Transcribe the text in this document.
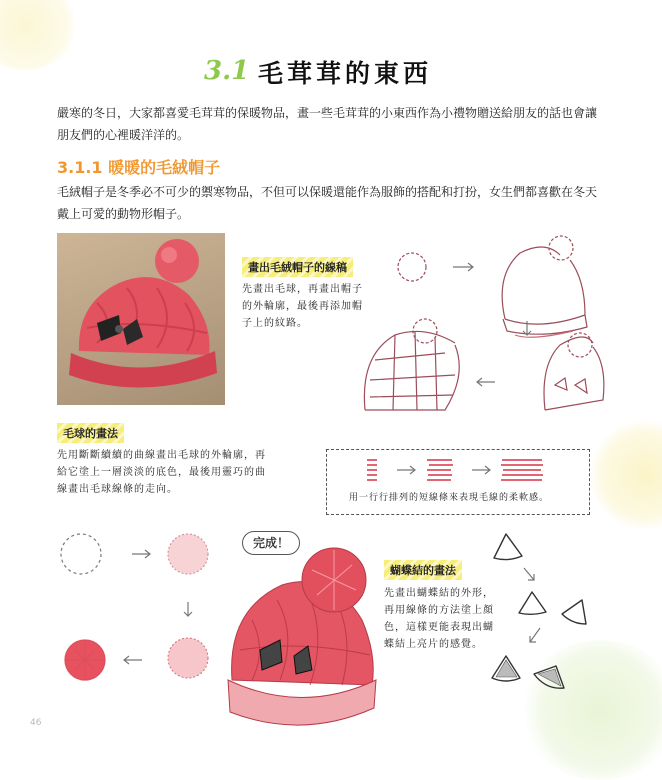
3.1 毛茸茸的東西
嚴寒的冬日，大家都喜愛毛茸茸的保暖物品，畫一些毛茸茸的小東西作為小禮物贈送給朋友的話也會讓朋友們的心裡暖洋洋的。
3.1.1 暖暖的毛絨帽子
毛絨帽子是冬季必不可少的禦寒物品，不但可以保暖還能作為服飾的搭配和打扮，女生們都喜歡在冬天戴上可愛的動物形帽子。
畫出毛絨帽子的線稿
先畫出毛球，再畫出帽子的外輪廓，最後再添加帽子上的紋路。
毛球的畫法
先用斷斷續續的曲線畫出毛球的外輪廓，再給它塗上一層淡淡的底色，最後用靈巧的曲線畫出毛球線條的走向。
用一行行排列的短線條來表現毛線的柔軟感。
完成！
蝴蝶結的畫法
先畫出蝴蝶結的外形，再用線條的方法塗上顏色，這樣更能表現出蝴蝶結上亮片的感覺。
46
